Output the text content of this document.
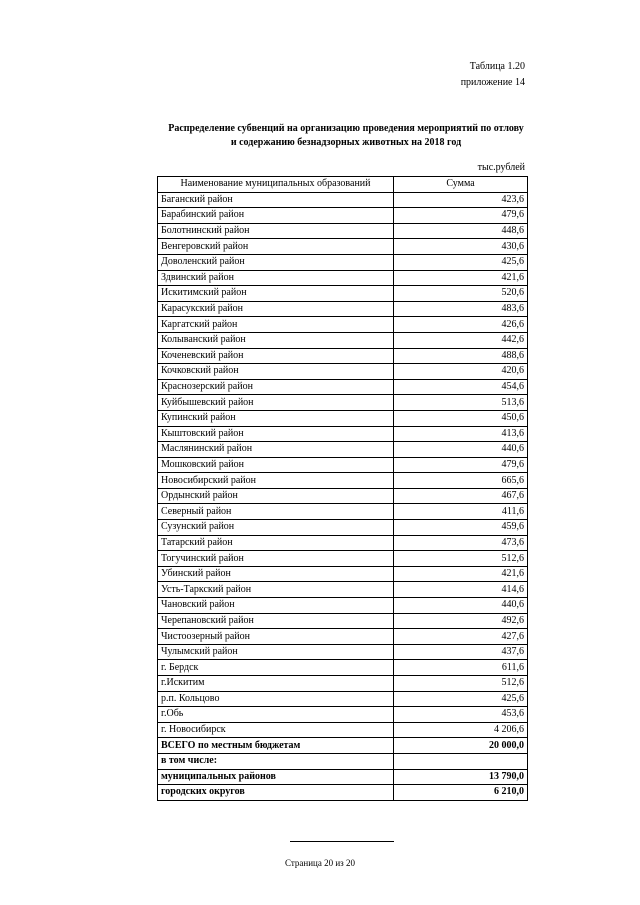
Таблица 1.20
приложение 14
Распределение субвенций на организацию проведения мероприятий по отлову
и содержанию безнадзорных животных на 2018 год
тыс.рублей
Наименование муниципальных образований	Сумма
Баганский район	423,6
Барабинский район	479,6
Болотнинский район	448,6
Венгеровский район	430,6
Доволенский район	425,6
Здвинский район	421,6
Искитимский район	520,6
Карасукский район	483,6
Каргатский район	426,6
Колыванский район	442,6
Коченевский район	488,6
Кочковский район	420,6
Краснозерский район	454,6
Куйбышевский район	513,6
Купинский район	450,6
Кыштовский район	413,6
Маслянинский район	440,6
Мошковский район	479,6
Новосибирский район	665,6
Ордынский район	467,6
Северный район	411,6
Сузунский район	459,6
Татарский район	473,6
Тогучинский район	512,6
Убинский район	421,6
Усть-Таркский район	414,6
Чановский район	440,6
Черепановский район	492,6
Чистоозерный район	427,6
Чулымский район	437,6
г. Бердск	611,6
г.Искитим	512,6
р.п. Кольцово	425,6
г.Обь	453,6
г. Новосибирск	4 206,6
ВСЕГО по местным бюджетам	20 000,0
в том числе:	
муниципальных районов	13 790,0
городских округов	6 210,0
Страница 20 из 20
